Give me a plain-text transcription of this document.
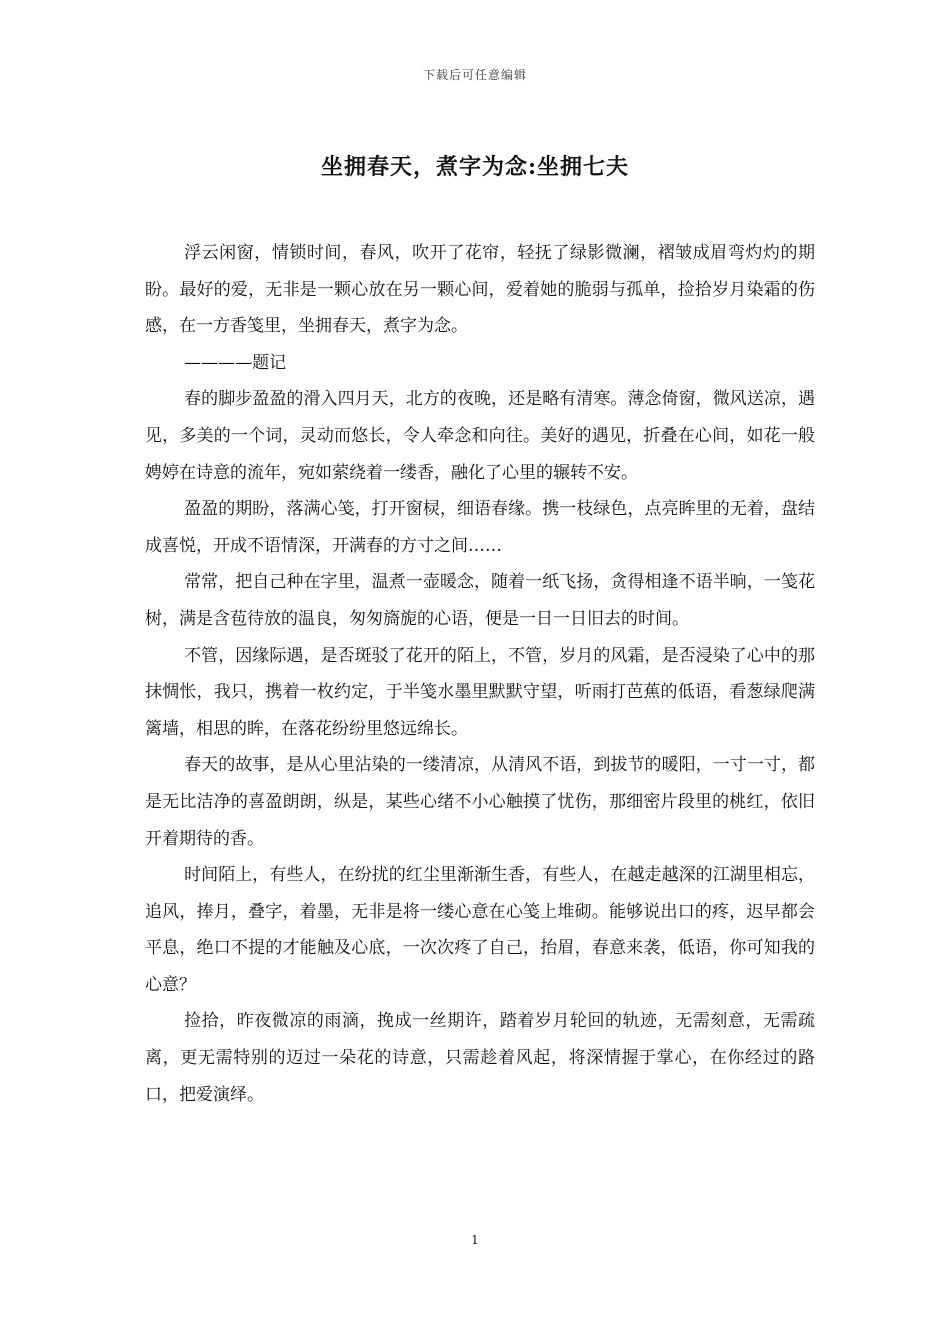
下载后可任意编辑
坐拥春天，煮字为念:坐拥七夫

浮云闲窗，情锁时间，春风，吹开了花帘，轻抚了绿影微澜，褶皱成眉弯灼灼的期盼。最好的爱，无非是一颗心放在另一颗心间，爱着她的脆弱与孤单，捡拾岁月染霜的伤感，在一方香笺里，坐拥春天，煮字为念。

————题记

春的脚步盈盈的滑入四月天，北方的夜晚，还是略有清寒。薄念倚窗，微风送凉，遇见，多美的一个词，灵动而悠长，令人牵念和向往。美好的遇见，折叠在心间，如花一般娉婷在诗意的流年，宛如萦绕着一缕香，融化了心里的辗转不安。

盈盈的期盼，落满心笺，打开窗棂，细语春缘。携一枝绿色，点亮眸里的无着，盘结成喜悦，开成不语情深，开满春的方寸之间……

常常，把自己种在字里，温煮一壶暖念，随着一纸飞扬，贪得相逢不语半晌，一笺花树，满是含苞待放的温良，匆匆旖旎的心语，便是一日一日旧去的时间。

不管，因缘际遇，是否斑驳了花开的陌上，不管，岁月的风霜，是否浸染了心中的那抹惆怅，我只，携着一枚约定，于半笺水墨里默默守望，听雨打芭蕉的低语，看葱绿爬满篱墙，相思的眸，在落花纷纷里悠远绵长。

春天的故事，是从心里沾染的一缕清凉，从清风不语，到拔节的暖阳，一寸一寸，都是无比洁净的喜盈朗朗，纵是，某些心绪不小心触摸了忧伤，那细密片段里的桃红，依旧开着期待的香。

时间陌上，有些人，在纷扰的红尘里渐渐生香，有些人，在越走越深的江湖里相忘，追风，捧月，叠字，着墨，无非是将一缕心意在心笺上堆砌。能够说出口的疼，迟早都会平息，绝口不提的才能触及心底，一次次疼了自己，抬眉，春意来袭，低语，你可知我的心意？

捡拾，昨夜微凉的雨滴，挽成一丝期许，踏着岁月轮回的轨迹，无需刻意，无需疏离，更无需特别的迈过一朵花的诗意，只需趁着风起，将深情握于掌心，在你经过的路口，把爱演绎。

1
